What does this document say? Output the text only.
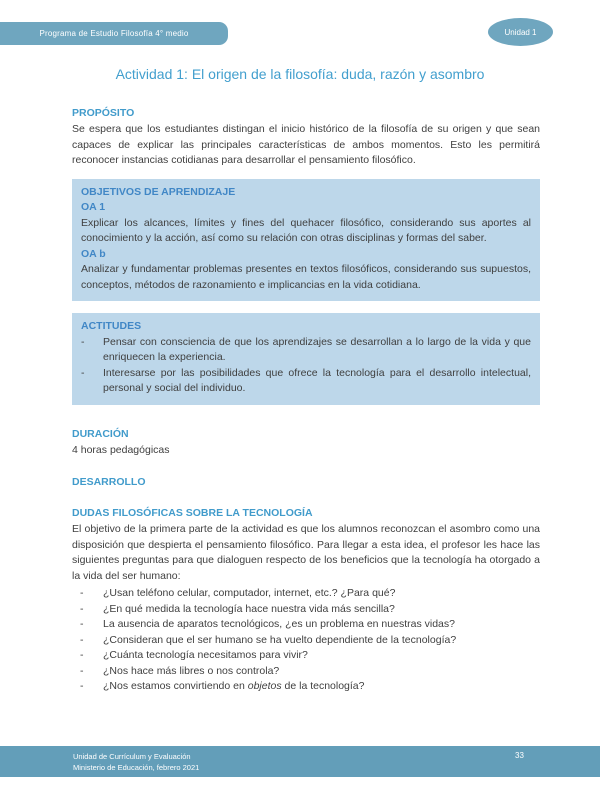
Programa de Estudio Filosofía 4° medio	Unidad 1
Actividad 1: El origen de la filosofía: duda, razón y asombro
PROPÓSITO

Se espera que los estudiantes distingan el inicio histórico de la filosofía de su origen y que sean capaces de explicar las principales características de ambos momentos. Esto les permitirá reconocer instancias cotidianas para desarrollar el pensamiento filosófico.

OBJETIVOS DE APRENDIZAJE
OA 1

Explicar los alcances, límites y fines del quehacer filosófico, considerando sus aportes al conocimiento y la acción, así como su relación con otras disciplinas y formas del saber.

OA b

Analizar y fundamentar problemas presentes en textos filosóficos, considerando sus supuestos, conceptos, métodos de razonamiento e implicancias en la vida cotidiana.

ACTITUDES
-	Pensar con consciencia de que los aprendizajes se desarrollan a lo largo de la vida y que enriquecen la experiencia.
-	Interesarse por las posibilidades que ofrece la tecnología para el desarrollo intelectual, personal y social del individuo.
DURACIÓN
4 horas pedagógicas
DESARROLLO
DUDAS FILOSÓFICAS SOBRE LA TECNOLOGÍA

El objetivo de la primera parte de la actividad es que los alumnos reconozcan el asombro como una disposición que despierta el pensamiento filosófico. Para llegar a esta idea, el profesor les hace las siguientes preguntas para que dialoguen respecto de los beneficios que la tecnología ha otorgado a la vida del ser humano:

-	¿Usan teléfono celular, computador, internet, etc.? ¿Para qué?
-	¿En qué medida la tecnología hace nuestra vida más sencilla?
-	La ausencia de aparatos tecnológicos, ¿es un problema en nuestras vidas?
-	¿Consideran que el ser humano se ha vuelto dependiente de la tecnología?
-	¿Cuánta tecnología necesitamos para vivir?
-	¿Nos hace más libres o nos controla?
-	¿Nos estamos convirtiendo en objetos de la tecnología?
Unidad de Currículum y Evaluación
Ministerio de Educación, febrero 2021
33
